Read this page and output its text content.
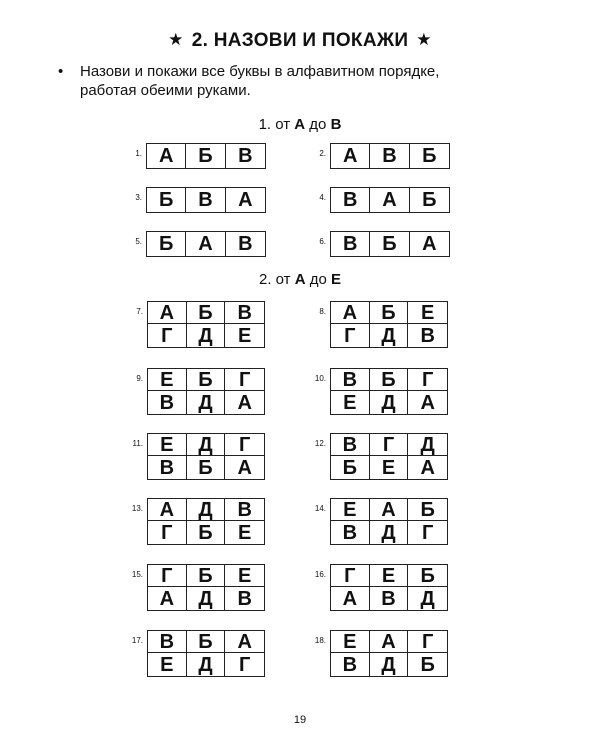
★ 2. НАЗОВИ И ПОКАЖИ ★
• Назови и покажи все буквы в алфавитном порядке,
работая обеими руками.
1. от А до В
2. от А до Е
1. А	Б	В	2. А	В	Б
3. Б	В	А	4. В	А	Б
5. Б	А	В	6. В	Б	А
7. А	Б	В
Г	Д	Е
8. А	Б	Е
Г	Д	В
9. Е	Б	Г
В	Д	А
10. В	Б	Г
Е	Д	А
11. Е	Д	Г
В	Б	А
12. В	Г	Д
Б	Е	А
13. А	Д	В
Г	Б	Е
14. Е	А	Б
В	Д	Г
15. Г	Б	Е
А	Д	В
16. Г	Е	Б
А	В	Д
17. В	Б	А
Е	Д	Г
18. Е	А	Г
В	Д	Б
19
